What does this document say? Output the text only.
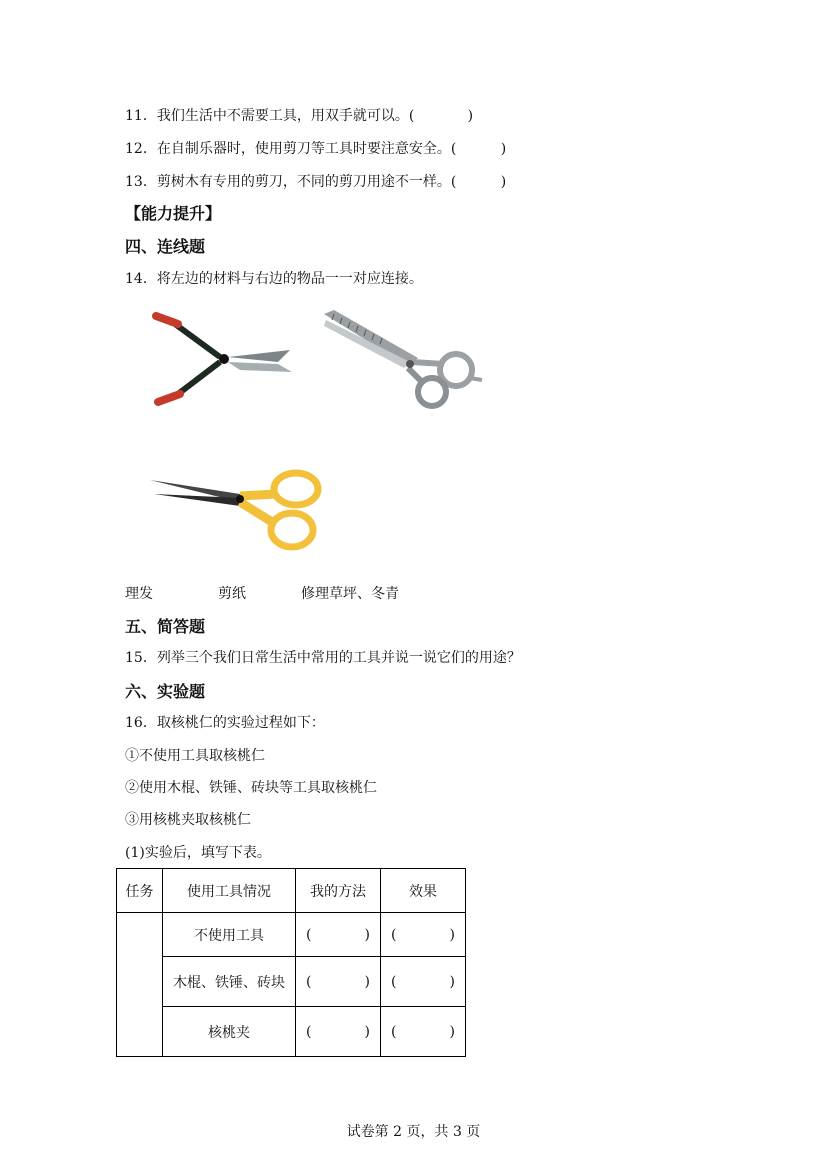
11．我们生活中不需要工具，用双手就可以。(            )
12．在自制乐器时，使用剪刀等工具时要注意安全。(          )
13．剪树木有专用的剪刀，不同的剪刀用途不一样。(          )
【能力提升】
四、连线题
14．将左边的材料与右边的物品一一对应连接。
理发	剪纸	修理草坪、冬青
五、简答题
15．列举三个我们日常生活中常用的工具并说一说它们的用途？
六、实验题
16．取核桃仁的实验过程如下：
①不使用工具取核桃仁
②使用木棍、铁锤、砖块等工具取核桃仁
③用核桃夹取核桃仁
(1)实验后，填写下表。
任务	使用工具情况	我的方法	效果
	不使用工具	( )	( )

	木棍、铁锤、砖块	( )	( )

	核桃夹	( )	( )
试卷第 2 页，共 3 页
